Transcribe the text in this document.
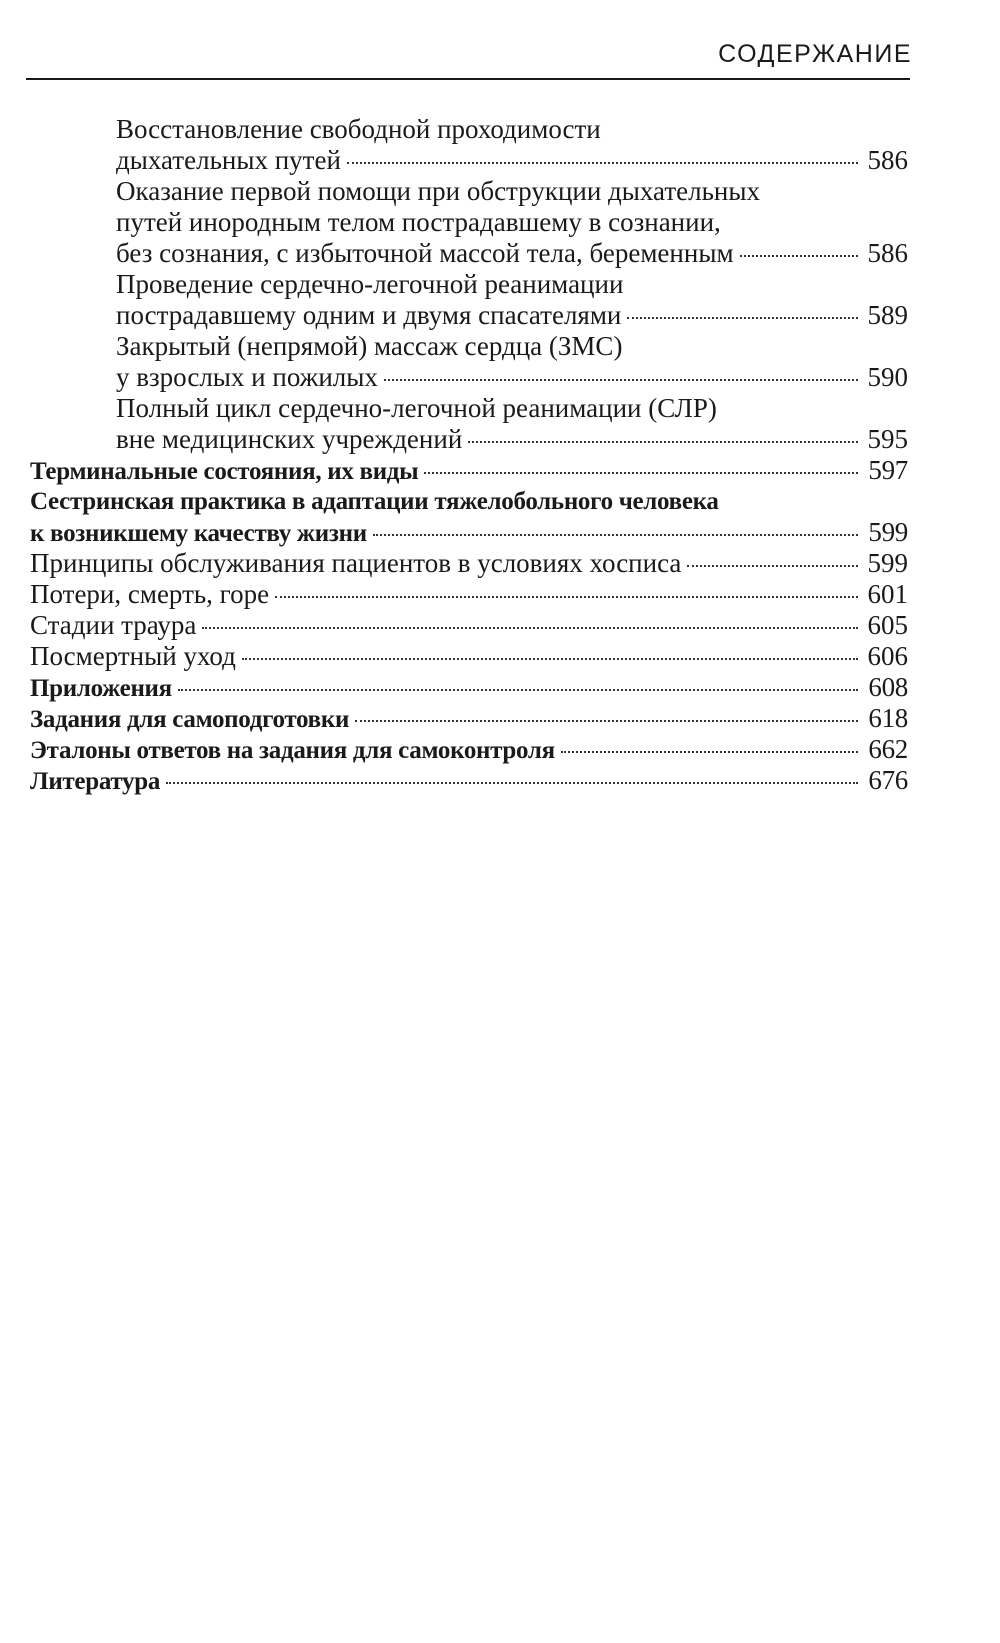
СОДЕРЖАНИЕ
Восстановление свободной проходимости
дыхательных путей	586
Оказание первой помощи при обструкции дыхательных
путей инородным телом пострадавшему в сознании,
без сознания, с избыточной массой тела, беременным	586
Проведение сердечно-легочной реанимации
пострадавшему одним и двумя спасателями	589
Закрытый (непрямой) массаж сердца (ЗМС)
у взрослых и пожилых	590
Полный цикл сердечно-легочной реанимации (СЛР)
вне медицинских учреждений	595
Терминальные состояния, их виды	597
Сестринская практика в адаптации тяжелобольного человека
к возникшему качеству жизни	599
Принципы обслуживания пациентов в условиях хосписа	599
Потери, смерть, горе	601
Стадии траура	605
Посмертный уход	606
Приложения	608
Задания для самоподготовки	618
Эталоны ответов на задания для самоконтроля	662
Литература	676
